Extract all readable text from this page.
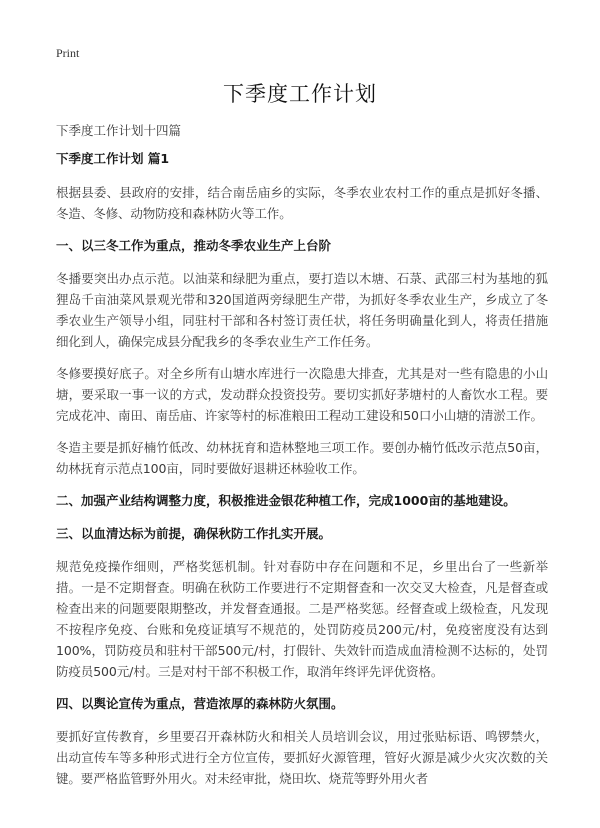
Print
下季度工作计划
下季度工作计划十四篇
下季度工作计划 篇1

根据县委、县政府的安排，结合南岳庙乡的实际，冬季农业农村工作的重点是抓好冬播、冬造、冬修、动物防疫和森林防火等工作。

一、以三冬工作为重点，推动冬季农业生产上台阶

冬播要突出办点示范。以油菜和绿肥为重点，要打造以木塘、石菉、武邵三村为基地的狐狸岛千亩油菜风景观光带和320国道两旁绿肥生产带，为抓好冬季农业生产，乡成立了冬季农业生产领导小组，同驻村干部和各村签订责任状，将任务明确量化到人，将责任措施细化到人，确保完成县分配我乡的冬季农业生产工作任务。

冬修要摸好底子。对全乡所有山塘水库进行一次隐患大排查，尤其是对一些有隐患的小山塘，要采取一事一议的方式，发动群众投资投劳。要切实抓好茅塘村的人畜饮水工程。要完成花冲、南田、南岳庙、许家等村的标准粮田工程动工建设和50口小山塘的清淤工作。

冬造主要是抓好楠竹低改、幼林抚育和造林整地三项工作。要创办楠竹低改示范点50亩，幼林抚育示范点100亩，同时要做好退耕还林验收工作。

二、加强产业结构调整力度，积极推进金银花种植工作，完成1000亩的基地建设。
三、以血清达标为前提，确保秋防工作扎实开展。

规范免疫操作细则，严格奖惩机制。针对春防中存在问题和不足，乡里出台了一些新举措。一是不定期督查。明确在秋防工作要进行不定期督查和一次交叉大检查，凡是督查或检查出来的问题要限期整改，并发督查通报。二是严格奖惩。经督查或上级检查，凡发现不按程序免疫、台账和免疫证填写不规范的，处罚防疫员200元/村，免疫密度没有达到100%，罚防疫员和驻村干部500元/村，打假针、失效针而造成血清检测不达标的，处罚防疫员500元/村。三是对村干部不积极工作，取消年终评先评优资格。

四、以舆论宣传为重点，营造浓厚的森林防火氛围。

要抓好宣传教育，乡里要召开森林防火和相关人员培训会议，用过张贴标语、鸣锣禁火，出动宣传车等多种形式进行全方位宣传，要抓好火源管理，管好火源是减少火灾次数的关键。要严格监管野外用火。对未经审批，烧田坎、烧荒等野外用火者
